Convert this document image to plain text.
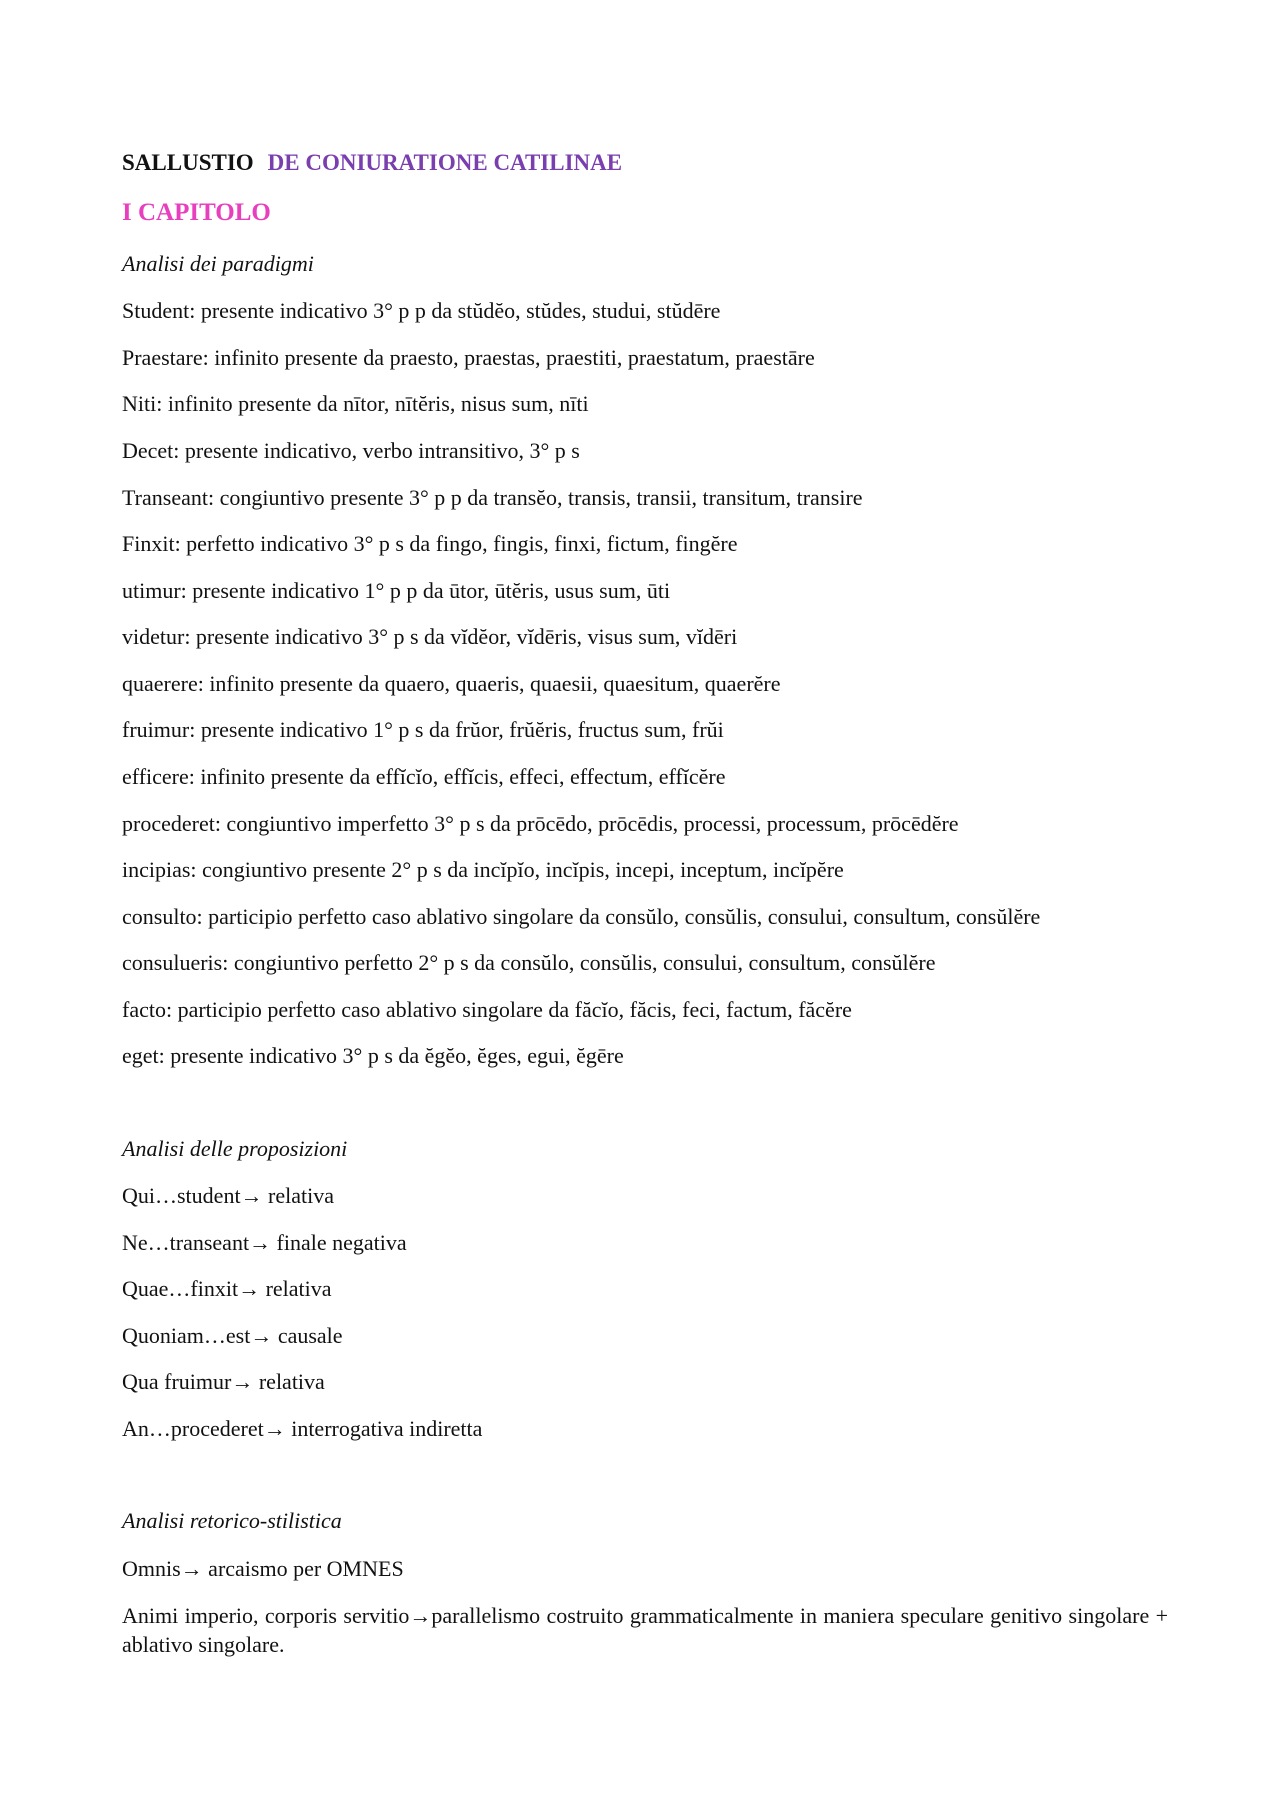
SALLUSTIO DE CONIURATIONE CATILINAE
I CAPITOLO
Analisi dei paradigmi
Student: presente indicativo 3° p p da stŭdĕo, stŭdes, studui, stŭdēre
Praestare: infinito presente da praesto, praestas, praestiti, praestatum, praestāre
Niti: infinito presente da nītor, nītĕris, nisus sum, nīti
Decet: presente indicativo, verbo intransitivo, 3° p s
Transeant: congiuntivo presente 3° p p da transĕo, transis, transii, transitum, transire
Finxit: perfetto indicativo 3° p s da fingo, fingis, finxi, fictum, fingĕre
utimur: presente indicativo 1° p p da ūtor, ūtĕris, usus sum, ūti
videtur: presente indicativo 3° p s da vĭdĕor, vĭdēris, visus sum, vĭdēri
quaerere: infinito presente da quaero, quaeris, quaesii, quaesitum, quaerĕre
fruimur: presente indicativo 1° p s da frŭor, frŭĕris, fructus sum, frŭi
efficere: infinito presente da effĭcĭo, effĭcis, effeci, effectum, effĭcĕre
procederet: congiuntivo imperfetto 3° p s da prōcēdo, prōcēdis, processi, processum, prōcēdĕre
incipias: congiuntivo presente 2° p s da incĭpĭo, incĭpis, incepi, inceptum, incĭpĕre
consulto: participio perfetto caso ablativo singolare da consŭlo, consŭlis, consului, consultum, consŭlĕre
consulueris: congiuntivo perfetto 2° p s da consŭlo, consŭlis, consului, consultum, consŭlĕre
facto: participio perfetto caso ablativo singolare da făcĭo, făcis, feci, factum, făcĕre
eget: presente indicativo 3° p s da ĕgĕo, ĕges, egui, ĕgēre
Analisi delle proposizioni
Qui…student→ relativa
Ne…transeant→ finale negativa
Quae…finxit→ relativa
Quoniam…est→ causale
Qua fruimur→ relativa
An…procederet→ interrogativa indiretta
Analisi retorico-stilistica
Omnis→ arcaismo per OMNES
Animi imperio, corporis servitio→parallelismo costruito grammaticalmente in maniera speculare genitivo singolare + ablativo singolare.
